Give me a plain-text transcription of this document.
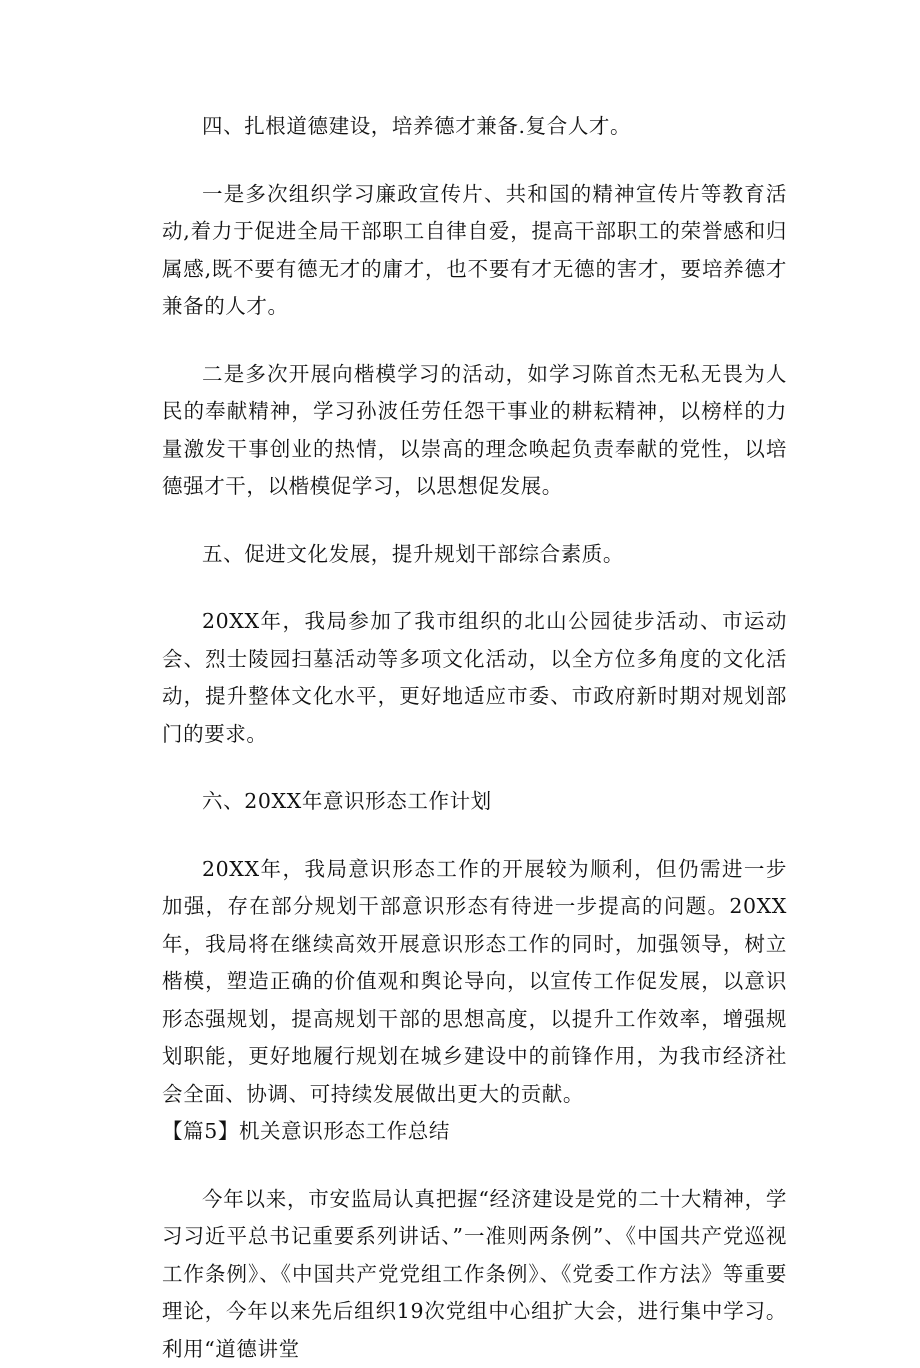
四、扎根道德建设，培养德才兼备.复合人才。

一是多次组织学习廉政宣传片、共和国的精神宣传片等教育活动,着力于促进全局干部职工自律自爱，提高干部职工的荣誉感和归属感,既不要有德无才的庸才，也不要有才无德的害才，要培养德才兼备的人才。

二是多次开展向楷模学习的活动，如学习陈首杰无私无畏为人民的奉献精神，学习孙波任劳任怨干事业的耕耘精神，以榜样的力量激发干事创业的热情，以崇高的理念唤起负责奉献的党性，以培德强才干，以楷模促学习，以思想促发展。

五、促进文化发展，提升规划干部综合素质。

20XX年，我局参加了我市组织的北山公园徒步活动、市运动会、烈士陵园扫墓活动等多项文化活动，以全方位多角度的文化活动，提升整体文化水平，更好地适应市委、市政府新时期对规划部门的要求。

六、20XX年意识形态工作计划

20XX年，我局意识形态工作的开展较为顺利，但仍需进一步加强，存在部分规划干部意识形态有待进一步提高的问题。20XX年，我局将在继续高效开展意识形态工作的同时，加强领导，树立楷模，塑造正确的价值观和舆论导向，以宣传工作促发展，以意识形态强规划，提高规划干部的思想高度，以提升工作效率，增强规划职能，更好地履行规划在城乡建设中的前锋作用，为我市经济社会全面、协调、可持续发展做出更大的贡献。

【篇5】机关意识形态工作总结

今年以来，市安监局认真把握“经济建设是党的二十大精神，学习习近平总书记重要系列讲话、”一准则两条例”、《中国共产党巡视工作条例》、《中国共产党党组工作条例》、《党委工作方法》等重要理论，今年以来先后组织19次党组中心组扩大会，进行集中学习。利用“道德讲堂
